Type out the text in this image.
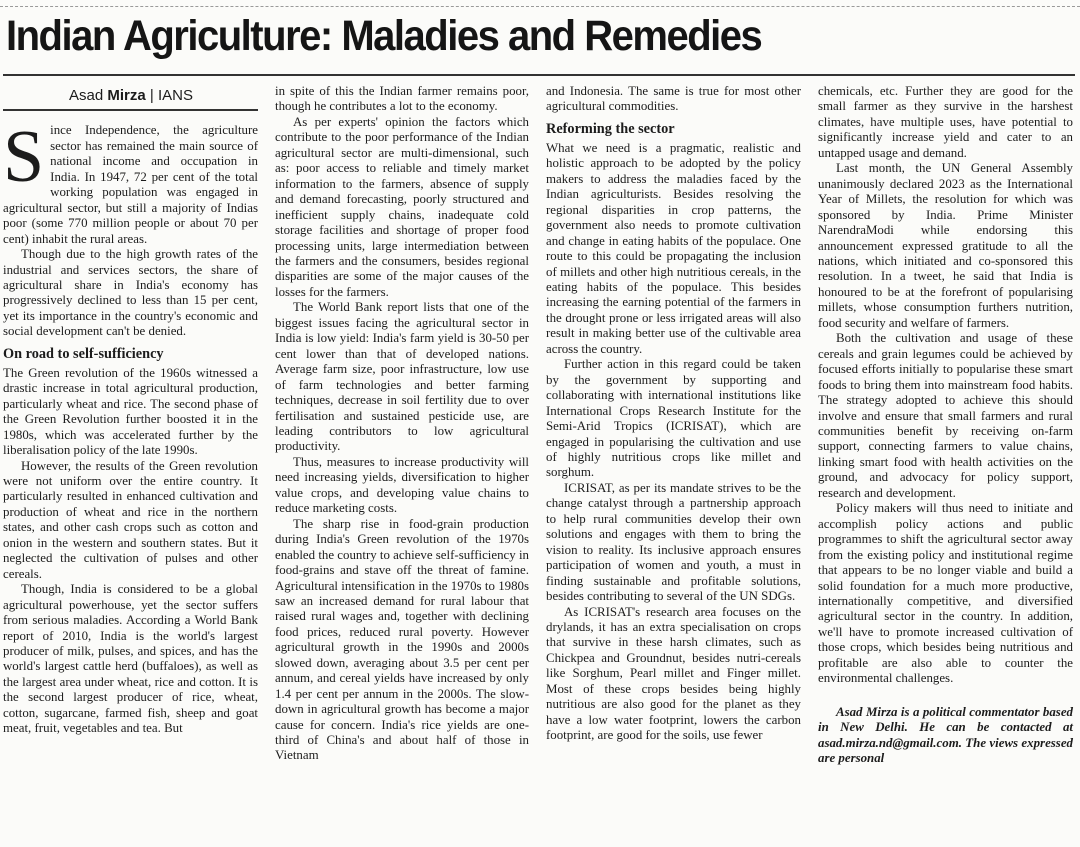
Indian Agriculture: Maladies and Remedies
Asad Mirza | IANS

Since Independence, the agriculture sector has remained the main source of national income and occupation in India. In 1947, 72 per cent of the total working population was engaged in agricultural sector, but still a majority of Indias poor (some 770 million people or about 70 per cent) inhabit the rural areas.

Though due to the high growth rates of the industrial and services sectors, the share of agricultural share in India's economy has progressively declined to less than 15 per cent, yet its importance in the country's economic and social development can't be denied.

On road to self-sufficiency

The Green revolution of the 1960s witnessed a drastic increase in total agricultural production, particularly wheat and rice. The second phase of the Green Revolution further boosted it in the 1980s, which was accelerated further by the liberalisation policy of the late 1990s.

However, the results of the Green revolution were not uniform over the entire country. It particularly resulted in enhanced cultivation and production of wheat and rice in the northern states, and other cash crops such as cotton and onion in the western and southern states. But it neglected the cultivation of pulses and other cereals.

Though, India is considered to be a global agricultural powerhouse, yet the sector suffers from serious maladies. According a World Bank report of 2010, India is the world's largest producer of milk, pulses, and spices, and has the world's largest cattle herd (buffaloes), as well as the largest area under wheat, rice and cotton. It is the second largest producer of rice, wheat, cotton, sugarcane, farmed fish, sheep and goat meat, fruit, vegetables and tea. But

in spite of this the Indian farmer remains poor, though he contributes a lot to the economy.

As per experts' opinion the factors which contribute to the poor performance of the Indian agricultural sector are multi-dimensional, such as: poor access to reliable and timely market information to the farmers, absence of supply and demand forecasting, poorly structured and inefficient supply chains, inadequate cold storage facilities and shortage of proper food processing units, large intermediation between the farmers and the consumers, besides regional disparities are some of the major causes of the losses for the farmers.

The World Bank report lists that one of the biggest issues facing the agricultural sector in India is low yield: India's farm yield is 30-50 per cent lower than that of developed nations. Average farm size, poor infrastructure, low use of farm technologies and better farming techniques, decrease in soil fertility due to over fertilisation and sustained pesticide use, are leading contributors to low agricultural productivity.

Thus, measures to increase productivity will need increasing yields, diversification to higher value crops, and developing value chains to reduce marketing costs.

The sharp rise in food-grain production during India's Green revolution of the 1970s enabled the country to achieve self-sufficiency in food-grains and stave off the threat of famine. Agricultural intensification in the 1970s to 1980s saw an increased demand for rural labour that raised rural wages and, together with declining food prices, reduced rural poverty. However agricultural growth in the 1990s and 2000s slowed down, averaging about 3.5 per cent per annum, and cereal yields have increased by only 1.4 per cent per annum in the 2000s. The slow-down in agricultural growth has become a major cause for concern. India's rice yields are one-third of China's and about half of those in Vietnam

and Indonesia. The same is true for most other agricultural commodities.

Reforming the sector

What we need is a pragmatic, realistic and holistic approach to be adopted by the policy makers to address the maladies faced by the Indian agriculturists. Besides resolving the regional disparities in crop patterns, the government also needs to promote cultivation and change in eating habits of the populace. One route to this could be propagating the inclusion of millets and other high nutritious cereals, in the eating habits of the populace. This besides increasing the earning potential of the farmers in the drought prone or less irrigated areas will also result in making better use of the cultivable area across the country.

Further action in this regard could be taken by the government by supporting and collaborating with international institutions like International Crops Research Institute for the Semi-Arid Tropics (ICRISAT), which are engaged in popularising the cultivation and use of highly nutritious crops like millet and sorghum.

ICRISAT, as per its mandate strives to be the change catalyst through a partnership approach to help rural communities develop their own solutions and engages with them to bring the vision to reality. Its inclusive approach ensures participation of women and youth, a must in finding sustainable and profitable solutions, besides contributing to several of the UN SDGs.

As ICRISAT's research area focuses on the drylands, it has an extra specialisation on crops that survive in these harsh climates, such as Chickpea and Groundnut, besides nutri-cereals like Sorghum, Pearl millet and Finger millet. Most of these crops besides being highly nutritious are also good for the planet as they have a low water footprint, lowers the carbon footprint, are good for the soils, use fewer

chemicals, etc. Further they are good for the small farmer as they survive in the harshest climates, have multiple uses, have potential to significantly increase yield and cater to an untapped usage and demand.

Last month, the UN General Assembly unanimously declared 2023 as the International Year of Millets, the resolution for which was sponsored by India. Prime Minister NarendraModi while endorsing this announcement expressed gratitude to all the nations, which initiated and co-sponsored this resolution. In a tweet, he said that India is honoured to be at the forefront of popularising millets, whose consumption furthers nutrition, food security and welfare of farmers.

Both the cultivation and usage of these cereals and grain legumes could be achieved by focused efforts initially to popularise these smart foods to bring them into mainstream food habits. The strategy adopted to achieve this should involve and ensure that small farmers and rural communities benefit by receiving on-farm support, connecting farmers to value chains, linking smart food with health activities on the ground, and advocacy for policy support, research and development.

Policy makers will thus need to initiate and accomplish policy actions and public programmes to shift the agricultural sector away from the existing policy and institutional regime that appears to be no longer viable and build a solid foundation for a much more productive, internationally competitive, and diversified agricultural sector in the country. In addition, we'll have to promote increased cultivation of those crops, which besides being nutritious and profitable are also able to counter the environmental challenges.

Asad Mirza is a political commentator based in New Delhi. He can be contacted at asad.mirza.nd@gmail.com. The views expressed are personal
